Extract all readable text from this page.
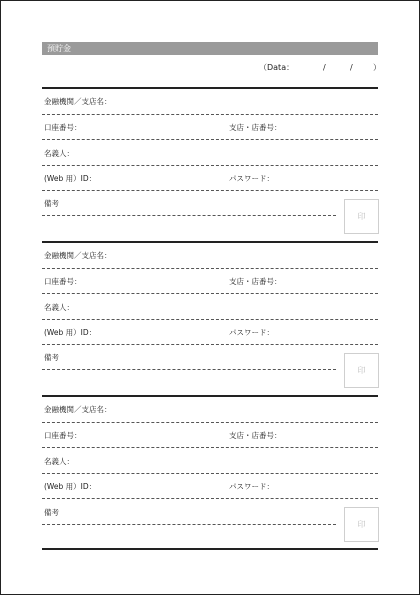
預貯金
（Data：	/	/	）
金融機関／支店名：
口座番号：	支店・店番号：
名義人：
(Web 用）ID：	パスワード：
備考
印
金融機関／支店名：
口座番号：	支店・店番号：
名義人：
(Web 用）ID：	パスワード：
備考
印
金融機関／支店名：
口座番号：	支店・店番号：
名義人：
(Web 用）ID：	パスワード：
備考
印
